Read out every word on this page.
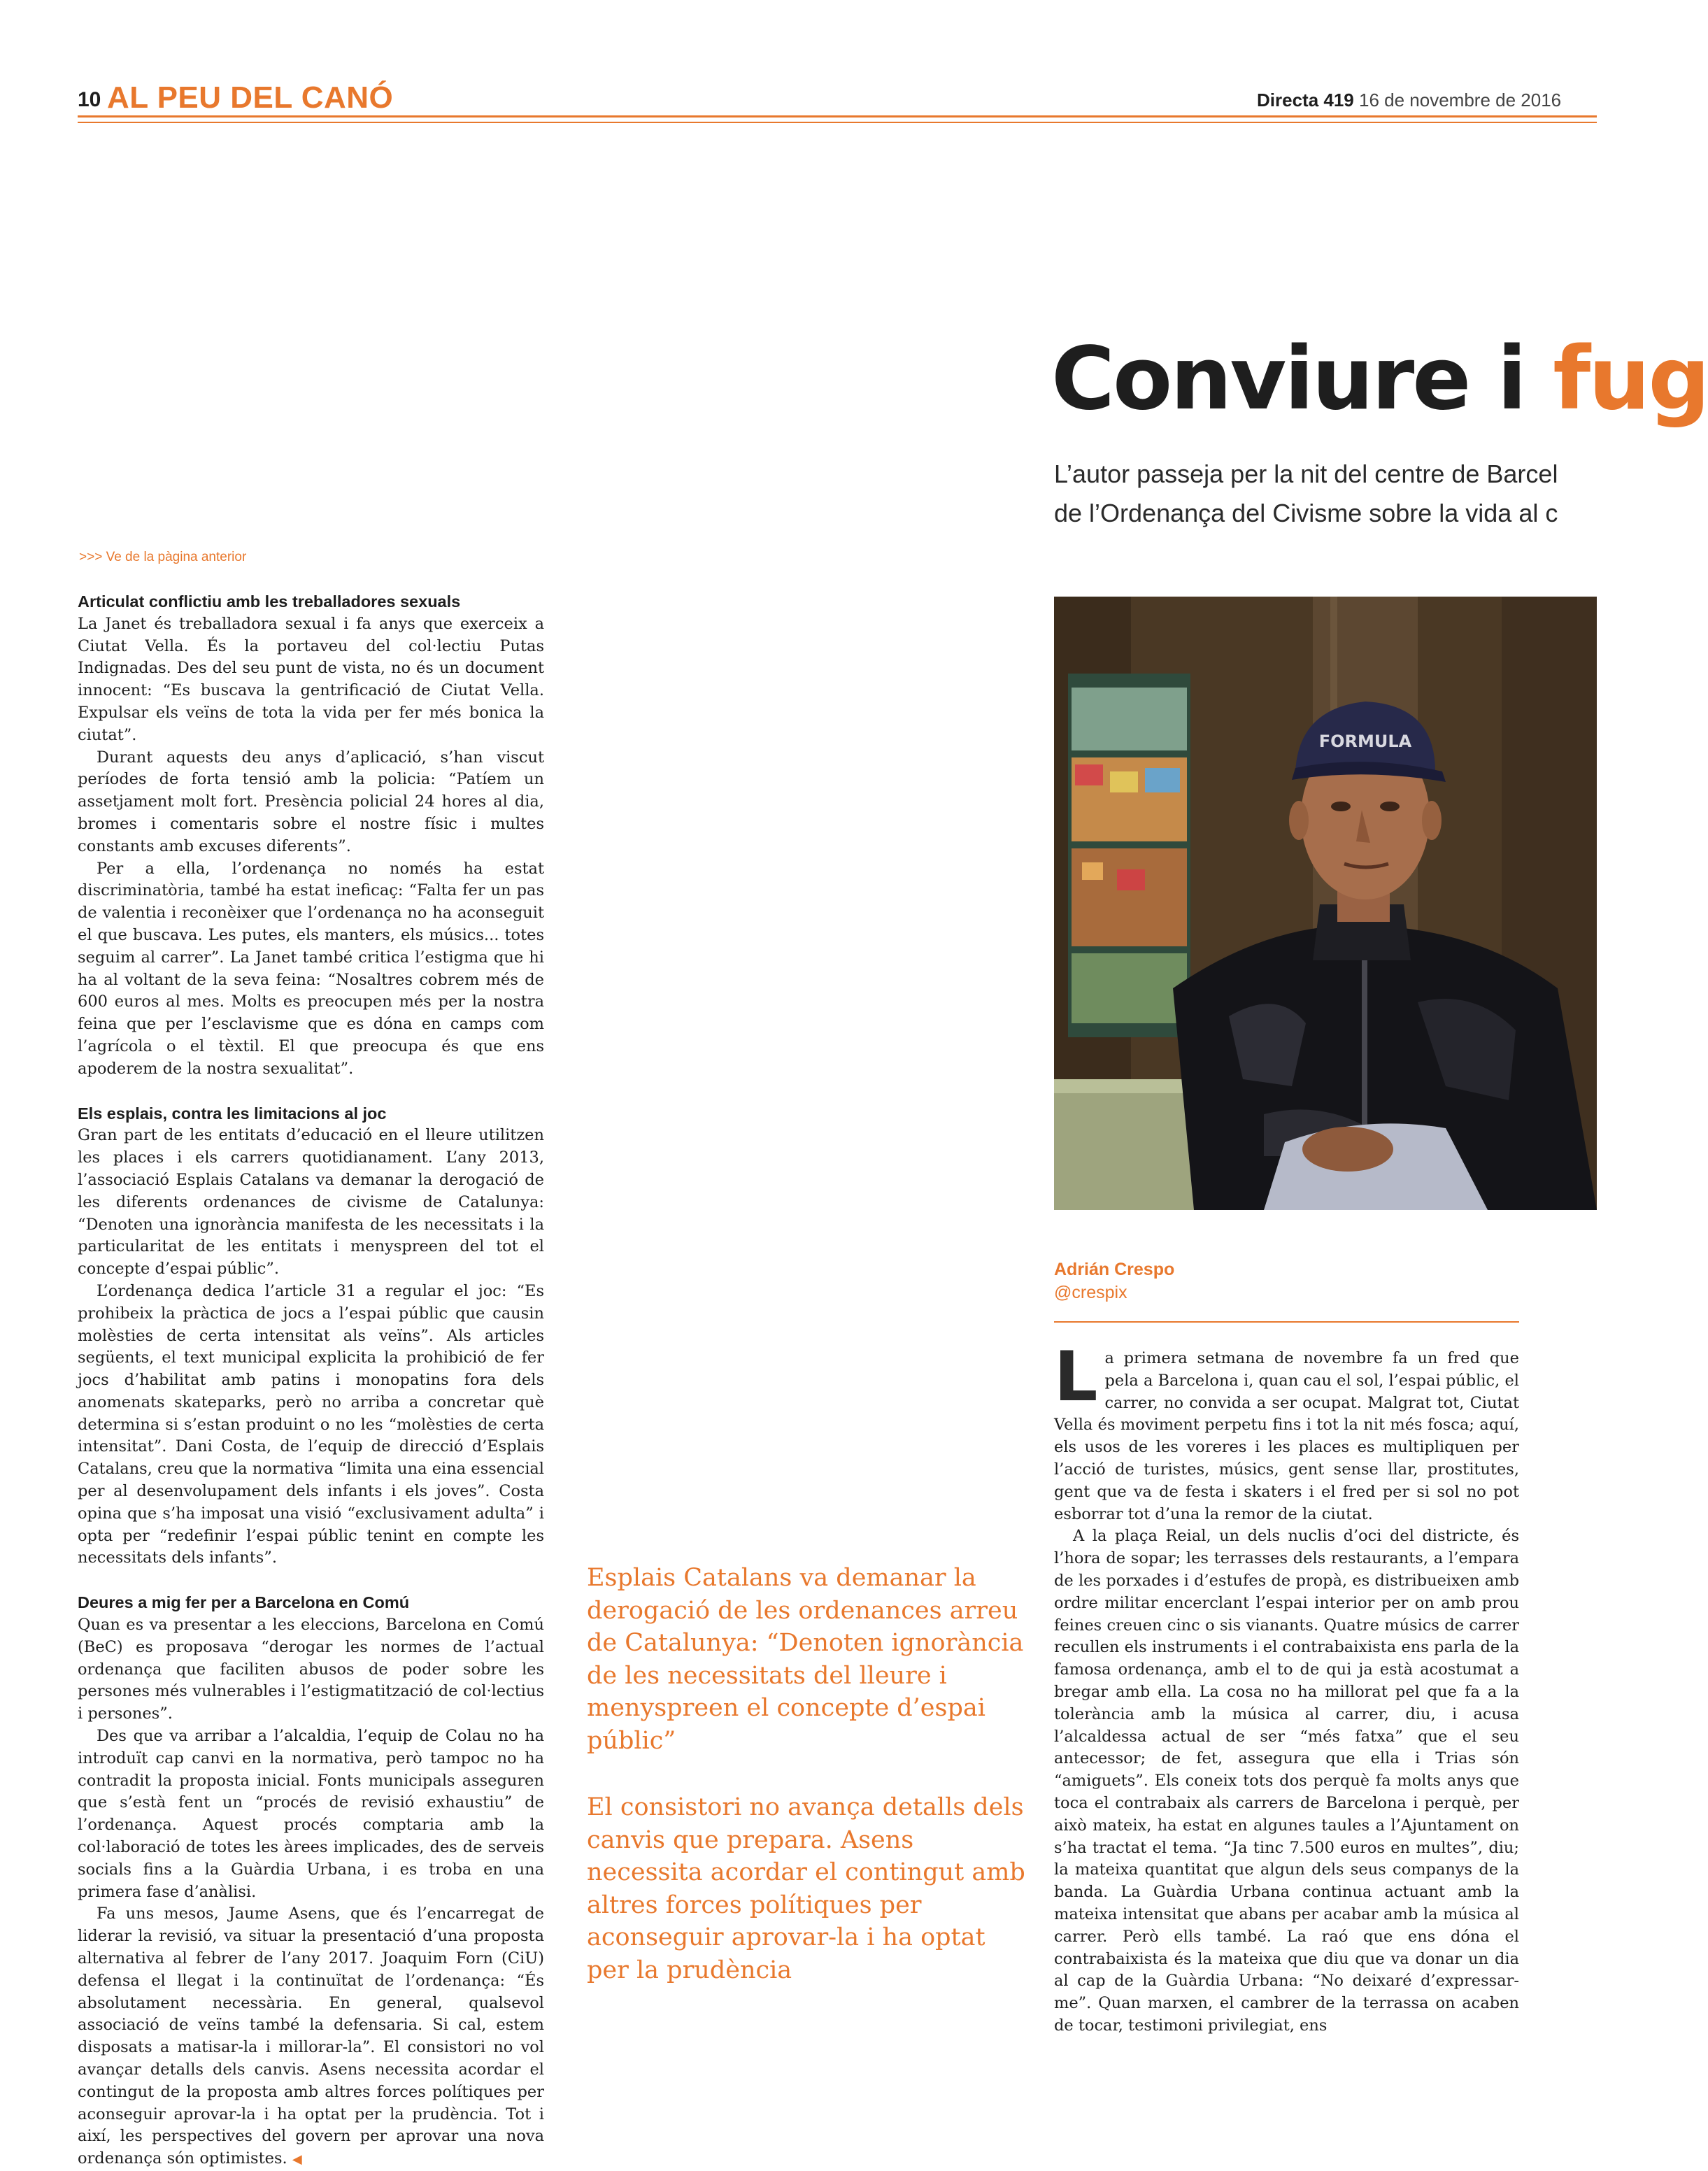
10 AL PEU DEL CANÓ	Directa 419 16 de novembre de 2016
Conviure i fug

L’autor passeja per la nit del centre de Barcel

de l’Ordenança del Civisme sobre la vida al c

>>> Ve de la pàgina anterior
Articulat conflictiu amb les treballadores sexuals

La Janet és treballadora sexual i fa anys que exerceix a Ciutat Vella. És la portaveu del col·lectiu Putas Indignadas. Des del seu punt de vista, no és un document innocent: “Es buscava la gentrificació de Ciutat Vella. Expulsar els veïns de tota la vida per fer més bonica la ciutat”.

Durant aquests deu anys d’aplicació, s’han viscut períodes de forta tensió amb la policia: “Patíem un assetjament molt fort. Presència policial 24 hores al dia, bromes i comentaris sobre el nostre físic i multes constants amb excuses diferents”.

Per a ella, l’ordenança no només ha estat discriminatòria, també ha estat ineficaç: “Falta fer un pas de valentia i reconèixer que l’ordenança no ha aconseguit el que buscava. Les putes, els manters, els músics... totes seguim al carrer”. La Janet també critica l’estigma que hi ha al voltant de la seva feina: “Nosaltres cobrem més de 600 euros al mes. Molts es preocupen més per la nostra feina que per l’esclavisme que es dóna en camps com l’agrícola o el tèxtil. El que preocupa és que ens apoderem de la nostra sexualitat”.

Els esplais, contra les limitacions al joc

Gran part de les entitats d’educació en el lleure utilitzen les places i els carrers quotidianament. L’any 2013, l’associació Esplais Catalans va demanar la derogació de les diferents ordenances de civisme de Catalunya: “Denoten una ignorància manifesta de les necessitats i la particularitat de les entitats i menyspreen del tot el concepte d’espai públic”.

L’ordenança dedica l’article 31 a regular el joc: “Es prohibeix la pràctica de jocs a l’espai públic que causin molèsties de certa intensitat als veïns”. Als articles següents, el text municipal explicita la prohibició de fer jocs d’habilitat amb patins i monopatins fora dels anomenats skateparks, però no arriba a concretar què determina si s’estan produint o no les “molèsties de certa intensitat”. Dani Costa, de l’equip de direcció d’Esplais Catalans, creu que la normativa “limita una eina essencial per al desenvolupament dels infants i els joves”. Costa opina que s’ha imposat una visió “exclusivament adulta” i opta per “redefinir l’espai públic tenint en compte les necessitats dels infants”.

Deures a mig fer per a Barcelona en Comú

Quan es va presentar a les eleccions, Barcelona en Comú (BeC) es proposava “derogar les normes de l’actual ordenança que faciliten abusos de poder sobre les persones més vulnerables i l’estigmatització de col·lectius i persones”.

Des que va arribar a l’alcaldia, l’equip de Colau no ha introduït cap canvi en la normativa, però tampoc no ha contradit la proposta inicial. Fonts municipals asseguren que s’està fent un “procés de revisió exhaustiu” de l’ordenança. Aquest procés comptaria amb la col·laboració de totes les àrees implicades, des de serveis socials fins a la Guàrdia Urbana, i es troba en una primera fase d’anàlisi.

Fa uns mesos, Jaume Asens, que és l’encarregat de liderar la revisió, va situar la presentació d’una proposta alternativa al febrer de l’any 2017. Joaquim Forn (CiU) defensa el llegat i la continuïtat de l’ordenança: “És absolutament necessària. En general, qualsevol associació de veïns també la defensaria. Si cal, estem disposats a matisar-la i millorar-la”. El consistori no vol avançar detalls dels canvis. Asens necessita acordar el contingut de la proposta amb altres forces polítiques per aconseguir aprovar-la i ha optat per la prudència. Tot i així, les perspectives del govern per aprovar una nova ordenança són optimistes. ◀

Esplais Catalans va demanar la derogació de les ordenances arreu de Catalunya: “Denoten ignorància de les necessitats del lleure i menyspreen el concepte d’espai públic”
El consistori no avança detalls dels canvis que prepara. Asens necessita acordar el contingut amb altres forces polítiques per aconseguir aprovar-la i ha optat per la prudència
FORMULA
Adrián Crespo
@crespix

La primera setmana de novembre fa un fred que pela a Barcelona i, quan cau el sol, l’espai públic, el carrer, no convida a ser ocupat. Malgrat tot, Ciutat Vella és moviment perpetu fins i tot la nit més fosca; aquí, els usos de les voreres i les places es multipliquen per l’acció de turistes, músics, gent sense llar, prostitutes, gent que va de festa i skaters i el fred per si sol no pot esborrar tot d’una la remor de la ciutat.

A la plaça Reial, un dels nuclis d’oci del districte, és l’hora de sopar; les terrasses dels restaurants, a l’empara de les porxades i d’estufes de propà, es distribueixen amb ordre militar encerclant l’espai interior per on amb prou feines creuen cinc o sis vianants. Quatre músics de carrer recullen els instruments i el contrabaixista ens parla de la famosa ordenança, amb el to de qui ja està acostumat a bregar amb ella. La cosa no ha millorat pel que fa a la tolerància amb la música al carrer, diu, i acusa l’alcaldessa actual de ser “més fatxa” que el seu antecessor; de fet, assegura que ella i Trias són “amiguets”. Els coneix tots dos perquè fa molts anys que toca el contrabaix als carrers de Barcelona i perquè, per això mateix, ha estat en algunes taules a l’Ajuntament on s’ha tractat el tema. “Ja tinc 7.500 euros en multes”, diu; la mateixa quantitat que algun dels seus companys de la banda. La Guàrdia Urbana continua actuant amb la mateixa intensitat que abans per acabar amb la música al carrer. Però ells també. La raó que ens dóna el contrabaixista és la mateixa que diu que va donar un dia al cap de la Guàrdia Urbana: “No deixaré d’expressar-me”. Quan marxen, el cambrer de la terrassa on acaben de tocar, testimoni privilegiat, ens
